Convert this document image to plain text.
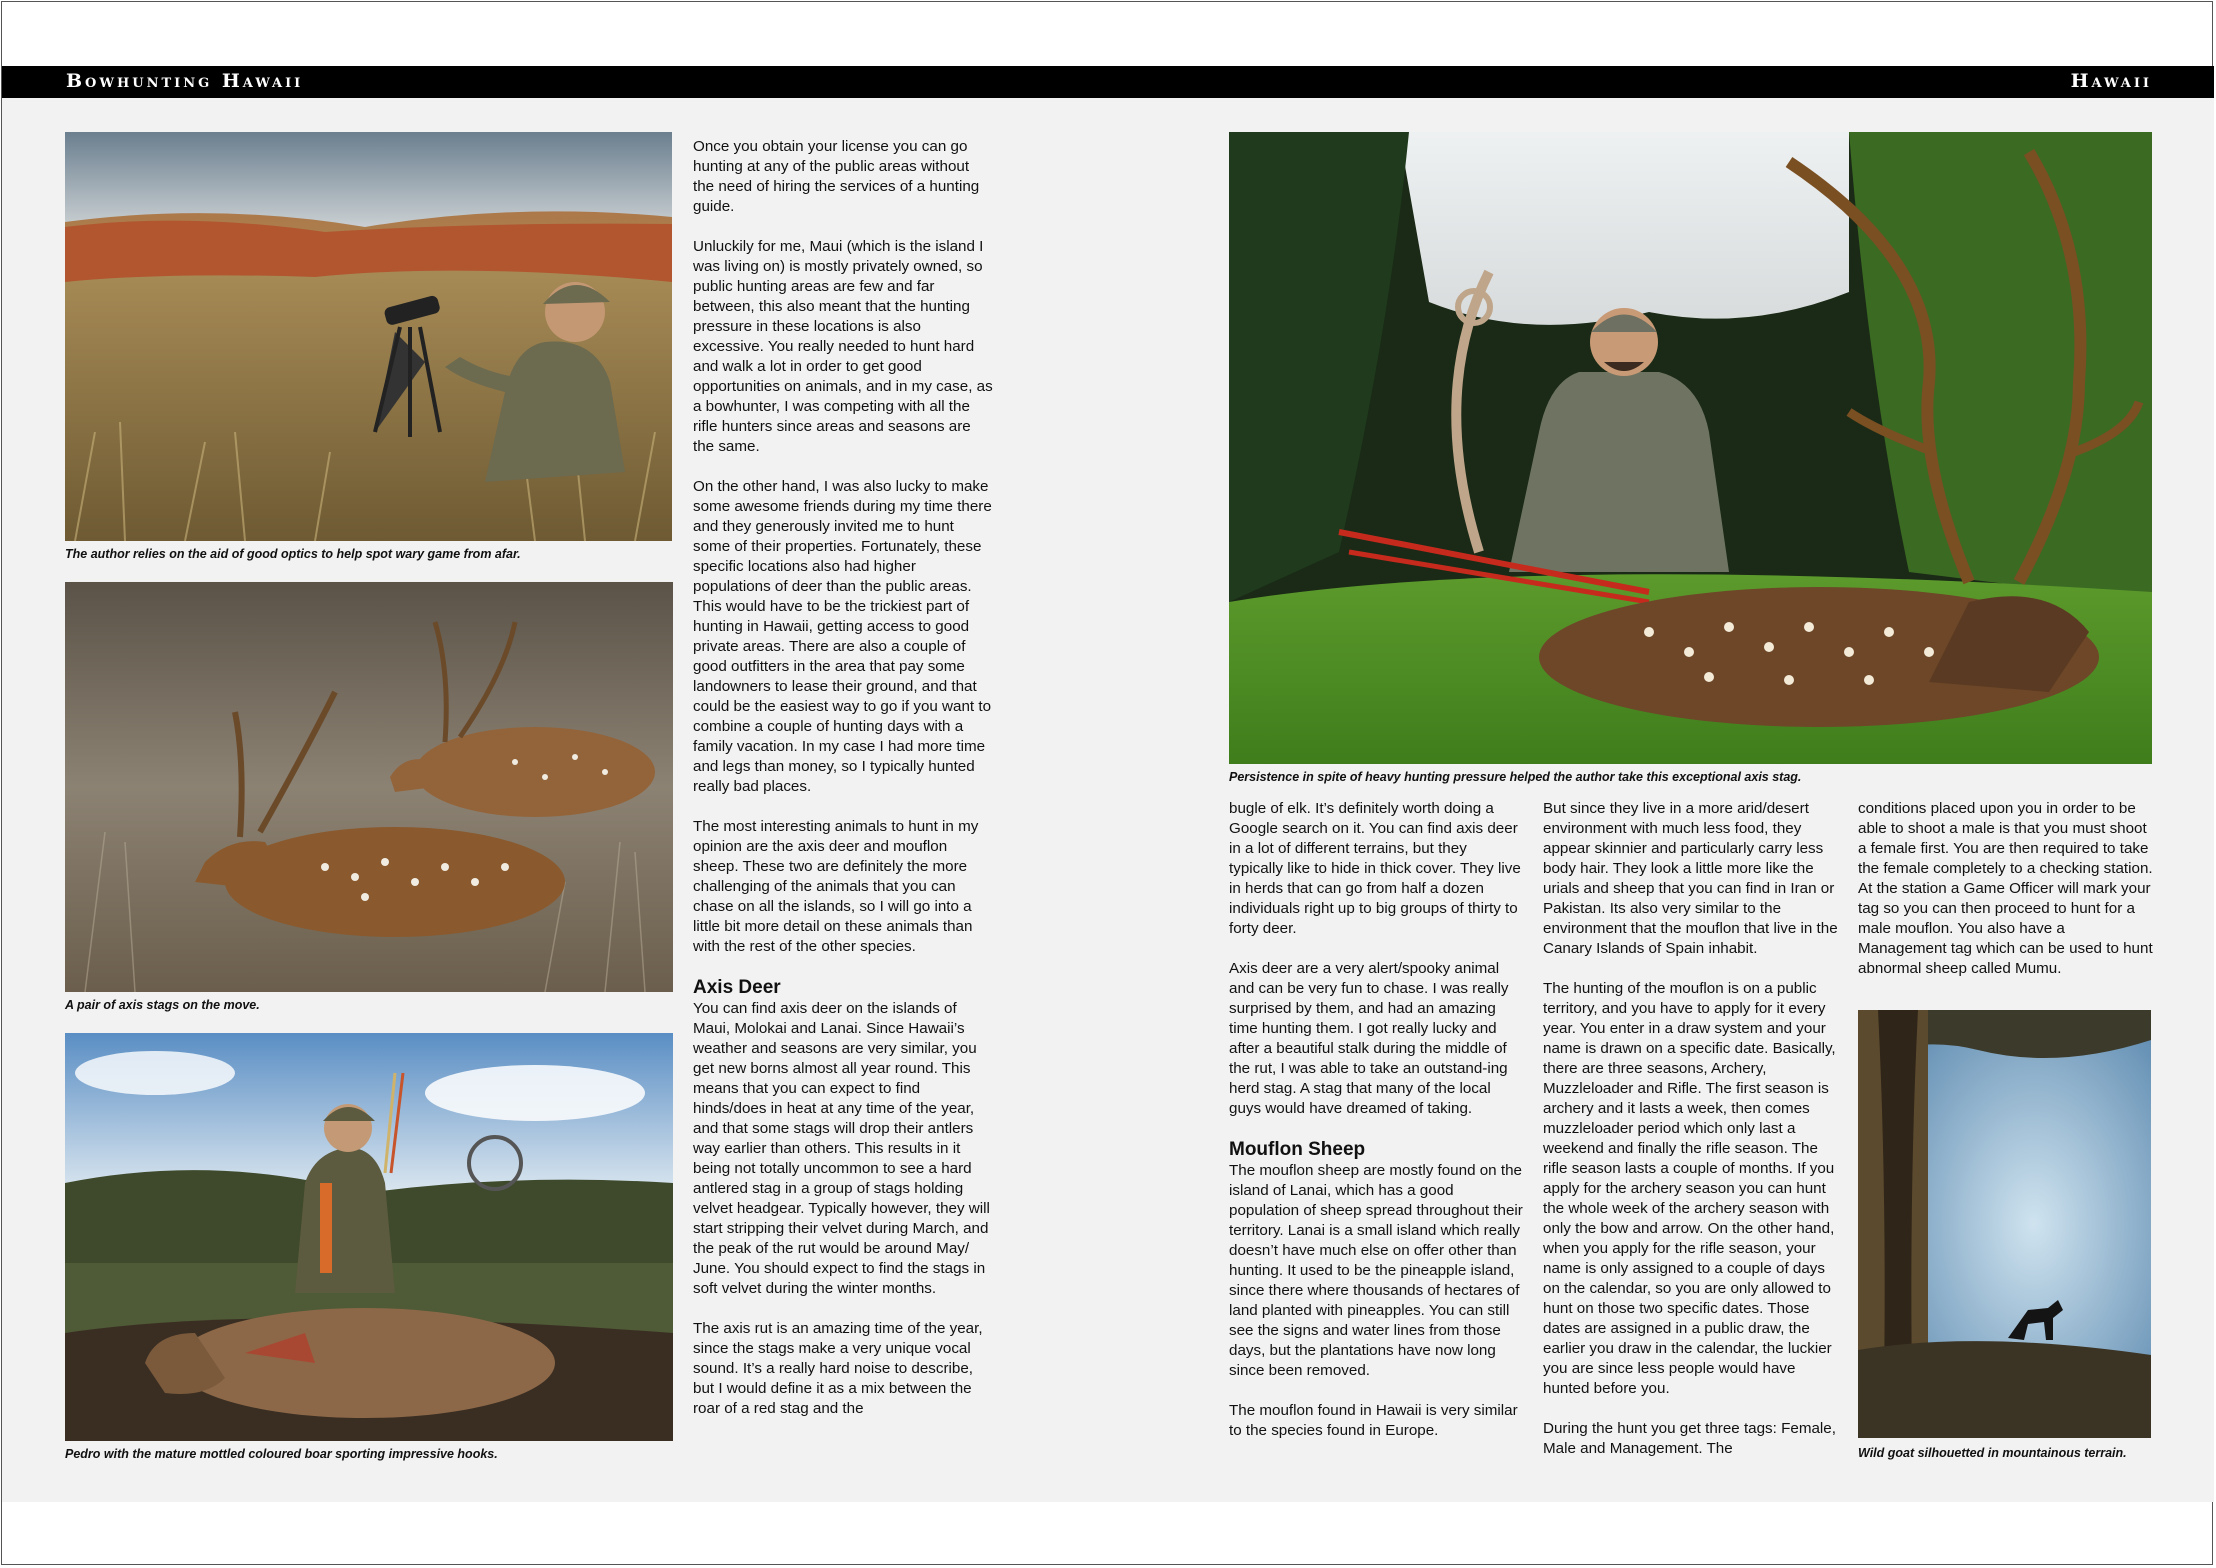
Bowhunting Hawaii	Hawaii
The author relies on the aid of good optics to help spot wary game from afar.
A pair of axis stags on the move.
Pedro with the mature mottled coloured boar sporting impressive hooks.
Persistence in spite of heavy hunting pressure helped the author take this exceptional axis stag.
Wild goat silhouetted in mountainous terrain.

Once you obtain your license you can go hunting at any of the public areas without the need of hiring the services of a hunting guide.

Unluckily for me, Maui (which is the island I was living on) is mostly privately owned, so public hunting areas are few and far between, this also meant that the hunting pressure in these locations is also excessive. You really needed to hunt hard and walk a lot in order to get good opportunities on animals, and in my case, as a bowhunter, I was competing with all the rifle hunters since areas and seasons are the same.

On the other hand, I was also lucky to make some awesome friends during my time there and they generously invited me to hunt some of their properties. Fortunately, these specific locations also had higher populations of deer than the public areas. This would have to be the trickiest part of hunting in Hawaii, getting access to good private areas. There are also a couple of good outfitters in the area that pay some landowners to lease their ground, and that could be the easiest way to go if you want to combine a couple of hunting days with a family vacation. In my case I had more time and legs than money, so I typically hunted really bad places.

The most interesting animals to hunt in my opinion are the axis deer and mouflon sheep. These two are definitely the more challenging of the animals that you can chase on all the islands, so I will go into a little bit more detail on these animals than with the rest of the other species.

Axis Deer

You can find axis deer on the islands of Maui, Molokai and Lanai. Since Hawaii’s weather and seasons are very similar, you get new borns almost all year round. This means that you can expect to find hinds/does in heat at any time of the year, and that some stags will drop their antlers way earlier than others. This results in it being not totally uncommon to see a hard antlered stag in a group of stags holding velvet headgear. Typically however, they will start stripping their velvet during March, and the peak of the rut would be around May/ June. You should expect to find the stags in soft velvet during the winter months.

The axis rut is an amazing time of the year, since the stags make a very unique vocal sound. It’s a really hard noise to describe, but I would define it as a mix between the roar of a red stag and the

bugle of elk. It’s definitely worth doing a Google search on it. You can find axis deer in a lot of different terrains, but they typically like to hide in thick cover. They live in herds that can go from half a dozen individuals right up to big groups of thirty to forty deer.

Axis deer are a very alert/spooky animal and can be very fun to chase. I was really surprised by them, and had an amazing time hunting them. I got really lucky and after a beautiful stalk during the middle of the rut, I was able to take an outstand-ing herd stag. A stag that many of the local guys would have dreamed of taking.

Mouflon Sheep

The mouflon sheep are mostly found on the island of Lanai, which has a good population of sheep spread throughout their territory. Lanai is a small island which really doesn’t have much else on offer other than hunting. It used to be the pineapple island, since there where thousands of hectares of land planted with pineapples. You can still see the signs and water lines from those days, but the plantations have now long since been removed.

The mouflon found in Hawaii is very similar to the species found in Europe.

But since they live in a more arid/desert environment with much less food, they appear skinnier and particularly carry less body hair. They look a little more like the urials and sheep that you can find in Iran or Pakistan. Its also very similar to the environment that the mouflon that live in the Canary Islands of Spain inhabit.

The hunting of the mouflon is on a public territory, and you have to apply for it every year. You enter in a draw system and your name is drawn on a specific date. Basically, there are three seasons, Archery, Muzzleloader and Rifle. The first season is archery and it lasts a week, then comes muzzleloader period which only last a weekend and finally the rifle season. The rifle season lasts a couple of months. If you apply for the archery season you can hunt the whole week of the archery season with only the bow and arrow. On the other hand, when you apply for the rifle season, your name is only assigned to a couple of days on the calendar, so you are only allowed to hunt on those two specific dates. Those dates are assigned in a public draw, the earlier you draw in the calendar, the luckier you are since less people would have hunted before you.

During the hunt you get three tags: Female, Male and Management. The

conditions placed upon you in order to be able to shoot a male is that you must shoot a female first. You are then required to take the female completely to a checking station. At the station a Game Officer will mark your tag so you can then proceed to hunt for a male mouflon. You also have a Management tag which can be used to hunt abnormal sheep called Mumu.
